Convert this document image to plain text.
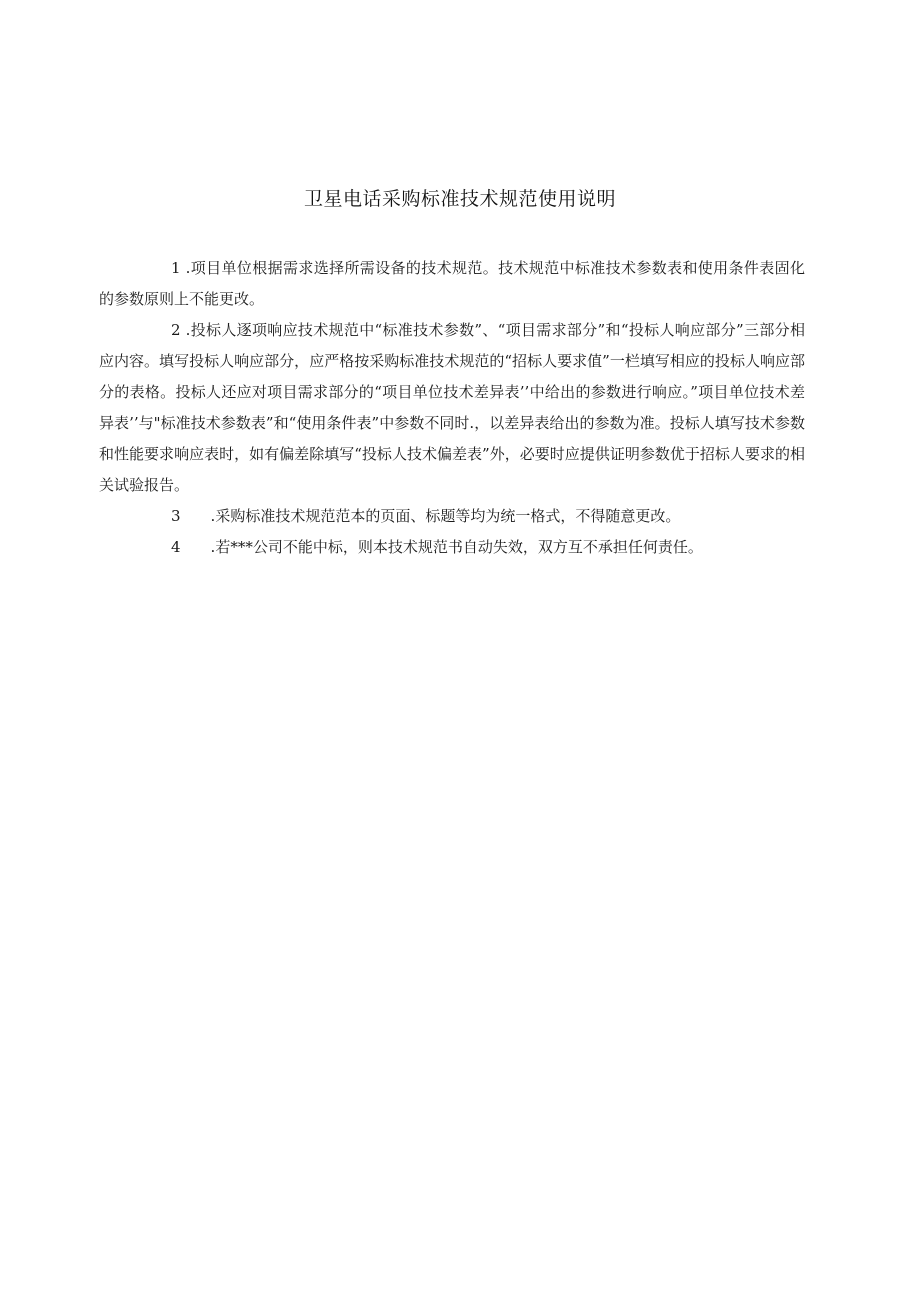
卫星电话采购标准技术规范使用说明

1 .项目单位根据需求选择所需设备的技术规范。技术规范中标准技术参数表和使用条件表固化的参数原则上不能更改。

2 .投标人逐项响应技术规范中“标准技术参数”、“项目需求部分”和“投标人响应部分”三部分相应内容。填写投标人响应部分，应严格按采购标准技术规范的“招标人要求值”一栏填写相应的投标人响应部分的表格。投标人还应对项目需求部分的“项目单位技术差异表’’中给出的参数进行响应。”项目单位技术差异表’’与"标准技术参数表”和“使用条件表”中参数不同时.，以差异表给出的参数为准。投标人填写技术参数和性能要求响应表时，如有偏差除填写“投标人技术偏差表”外，必要时应提供证明参数优于招标人要求的相关试验报告。

3 .采购标准技术规范范本的页面、标题等均为统一格式，不得随意更改。

4 .若***公司不能中标，则本技术规范书自动失效，双方互不承担任何责任。
